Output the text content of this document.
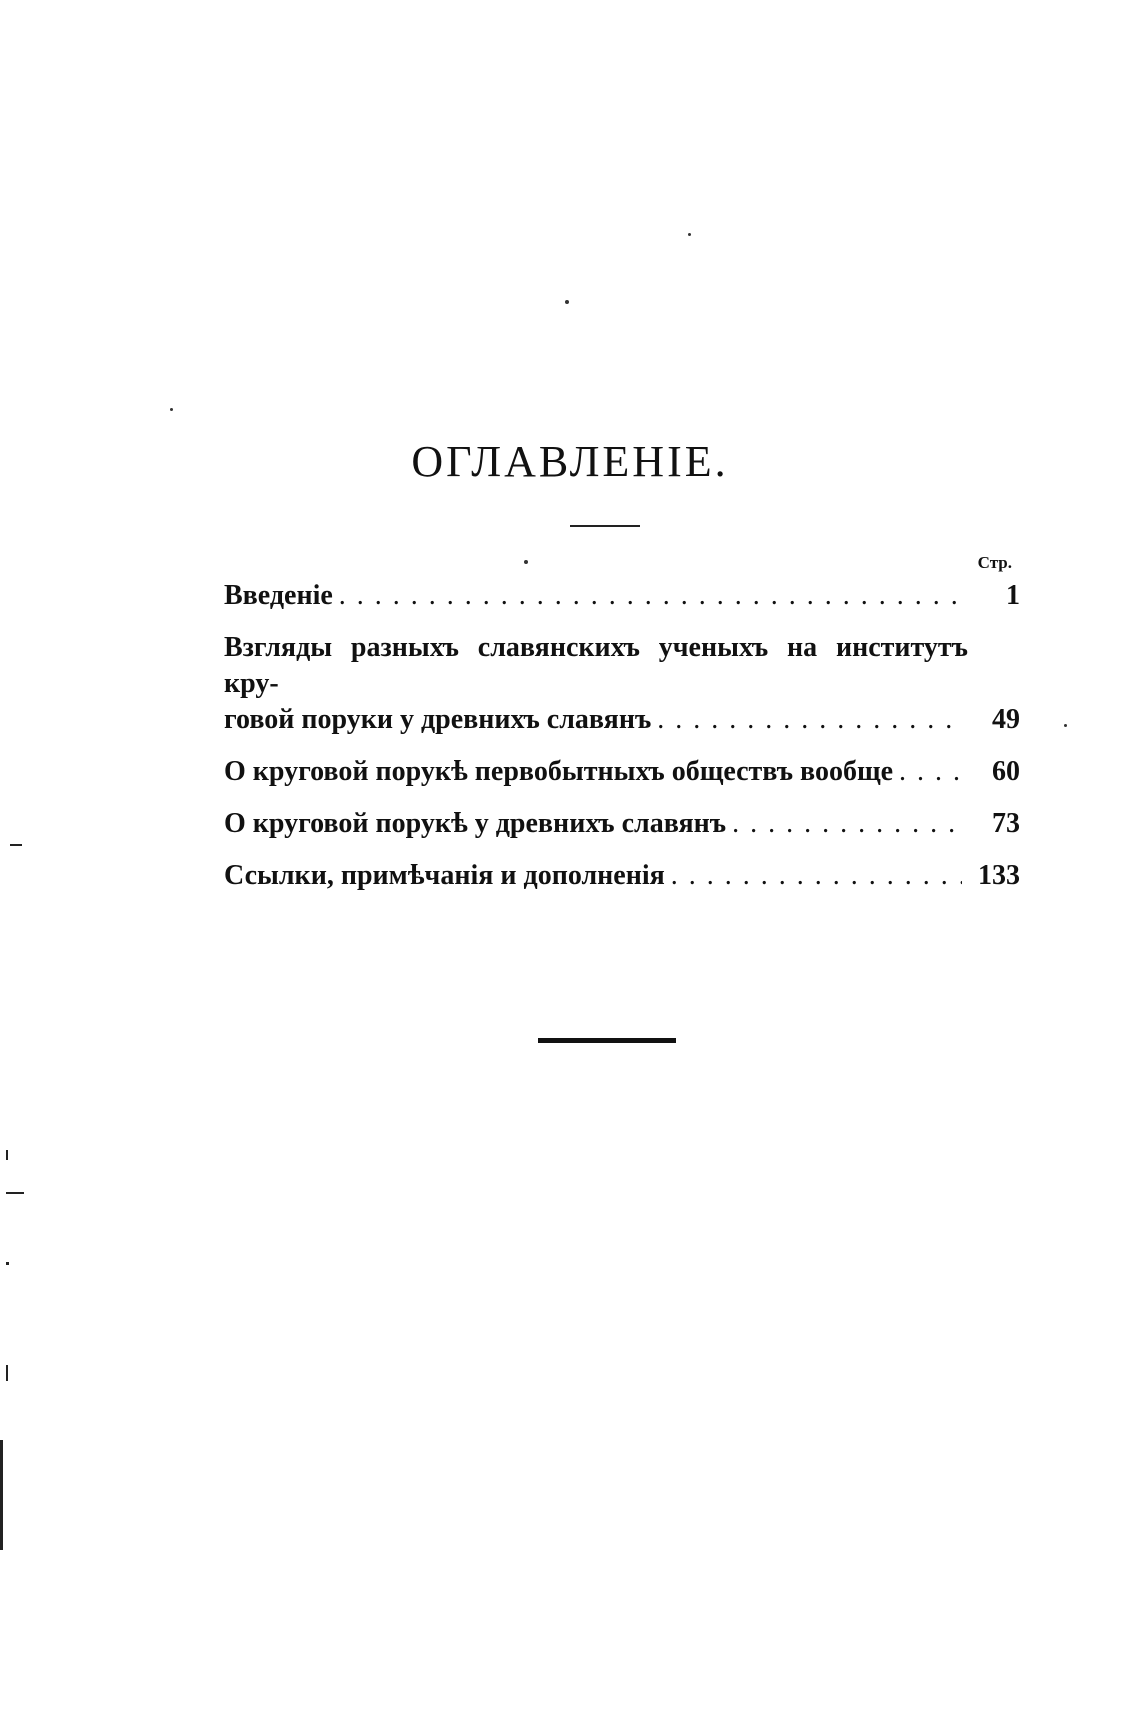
ОГЛАВЛЕНІЕ.
Стр.
Введеніе . . .	1
Взгляды разныхъ славянскихъ ученыхъ на институтъ кру-
говой поруки у древнихъ славянъ . . .	49
О круговой порукѣ первобытныхъ обществъ вообще . . .	60
О круговой порукѣ у древнихъ славянъ . . .	73
Ссылки, примѣчанія и дополненія . . .	133
